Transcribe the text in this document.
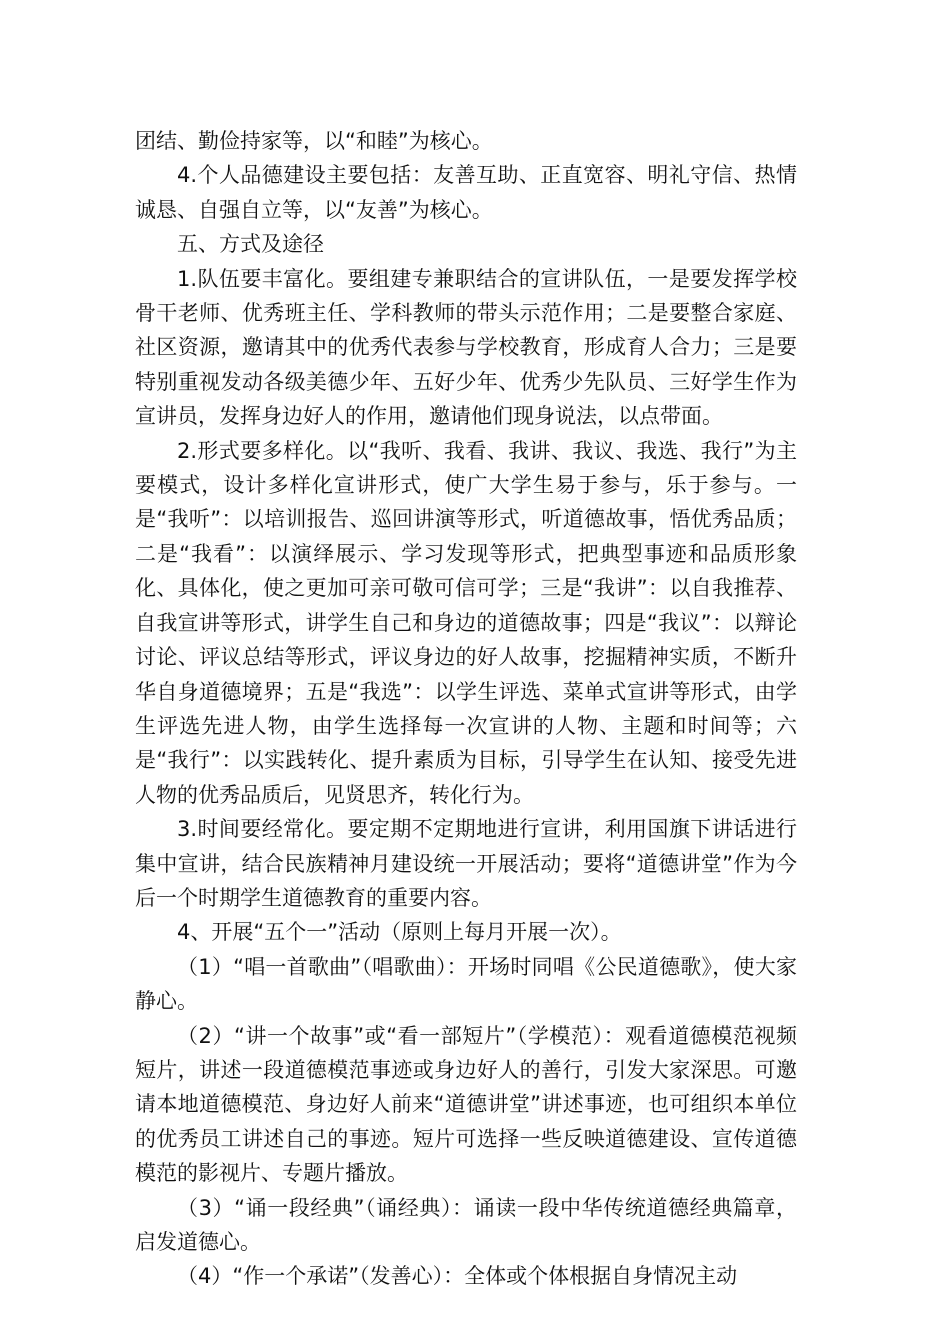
团结、勤俭持家等，以“和睦”为核心。

4.个人品德建设主要包括：友善互助、正直宽容、明礼守信、热情诚恳、自强自立等，以“友善”为核心。

五、方式及途径

1.队伍要丰富化。要组建专兼职结合的宣讲队伍，一是要发挥学校骨干老师、优秀班主任、学科教师的带头示范作用；二是要整合家庭、社区资源，邀请其中的优秀代表参与学校教育，形成育人合力；三是要特别重视发动各级美德少年、五好少年、优秀少先队员、三好学生作为宣讲员，发挥身边好人的作用，邀请他们现身说法，以点带面。

2.形式要多样化。以“我听、我看、我讲、我议、我选、我行”为主要模式，设计多样化宣讲形式，使广大学生易于参与，乐于参与。一是“我听”：以培训报告、巡回讲演等形式，听道德故事，悟优秀品质；二是“我看”：以演绎展示、学习发现等形式，把典型事迹和品质形象化、具体化，使之更加可亲可敬可信可学；三是“我讲”：以自我推荐、自我宣讲等形式，讲学生自己和身边的道德故事；四是“我议”：以辩论讨论、评议总结等形式，评议身边的好人故事，挖掘精神实质，不断升华自身道德境界；五是“我选”：以学生评选、菜单式宣讲等形式，由学生评选先进人物，由学生选择每一次宣讲的人物、主题和时间等；六是“我行”：以实践转化、提升素质为目标，引导学生在认知、接受先进人物的优秀品质后，见贤思齐，转化行为。

3.时间要经常化。要定期不定期地进行宣讲，利用国旗下讲话进行集中宣讲，结合民族精神月建设统一开展活动；要将“道德讲堂”作为今后一个时期学生道德教育的重要内容。

4、开展“五个一”活动（原则上每月开展一次）。

（1）“唱一首歌曲”（唱歌曲）：开场时同唱《公民道德歌》，使大家静心。

（2）“讲一个故事”或“看一部短片”（学模范）：观看道德模范视频短片，讲述一段道德模范事迹或身边好人的善行，引发大家深思。可邀请本地道德模范、身边好人前来“道德讲堂”讲述事迹，也可组织本单位的优秀员工讲述自己的事迹。短片可选择一些反映道德建设、宣传道德模范的影视片、专题片播放。

（3）“诵一段经典”（诵经典）：诵读一段中华传统道德经典篇章，启发道德心。

（4）“作一个承诺”（发善心）：全体或个体根据自身情况主动
